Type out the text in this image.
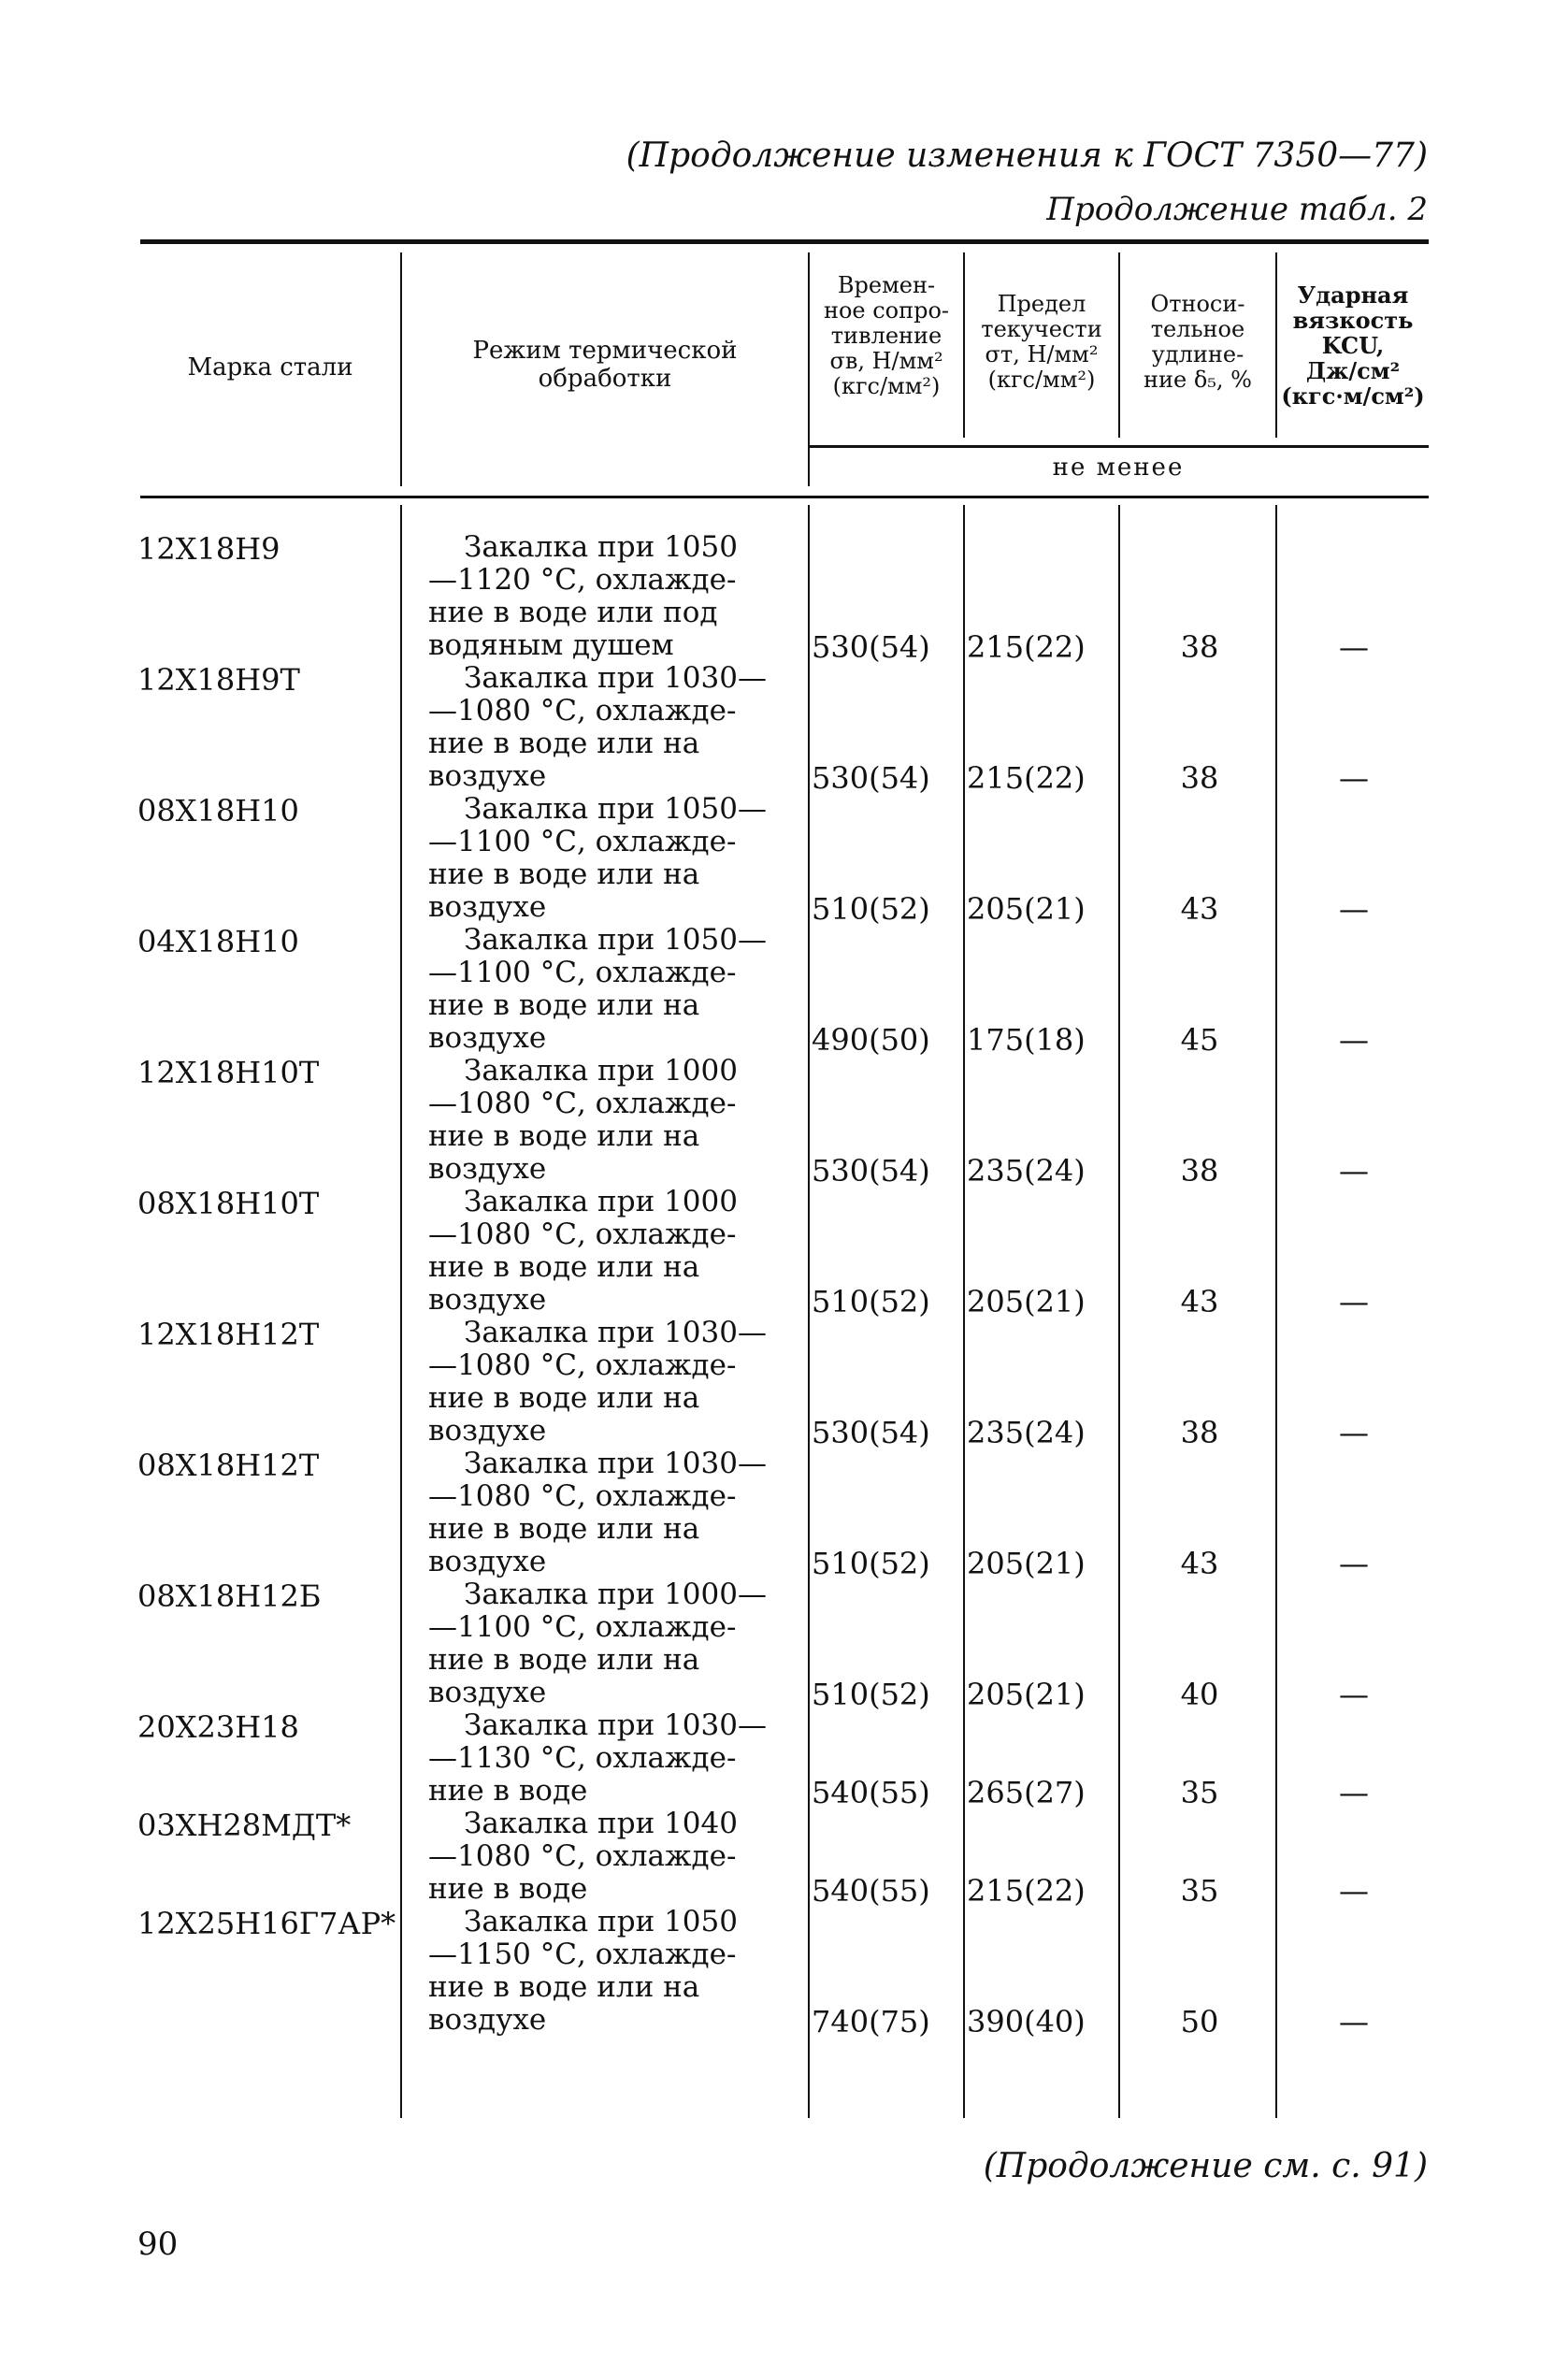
(Продолжение изменения к ГОСТ 7350—77)
Продолжение табл. 2
Марка стали
Режим термической
обработки
Времен-
ное сопро-
тивление
σв, Н/мм²
(кгс/мм²)
Предел
текучести
σт, Н/мм²
(кгс/мм²)
Относи-
тельное
удлине-
ние δ₅, %
Ударная
вязкость
KCU,
Дж/см²
(кгс·м/см²)
не менее
12Х18Н9	Закалка при 1050
—1120 °С, охлажде-
ние в воде или под
водяным душем	530(54) 215(22)	38	—
12Х18Н9Т	Закалка при 1030—
—1080 °С, охлажде-
ние в воде или на
воздухе	530(54) 215(22)	38	—
08Х18Н10	Закалка при 1050—
—1100 °С, охлажде-
ние в воде или на
воздухе	510(52) 205(21)	43	—
04Х18Н10	Закалка при 1050—
—1100 °С, охлажде-
ние в воде или на
воздухе	490(50) 175(18)	45	—
12Х18Н10Т	Закалка при 1000
—1080 °С, охлажде-
ние в воде или на
воздухе	530(54) 235(24)	38	—
08Х18Н10Т	Закалка при 1000
—1080 °С, охлажде-
ние в воде или на
воздухе	510(52) 205(21)	43	—
12Х18Н12Т	Закалка при 1030—
—1080 °С, охлажде-
ние в воде или на
воздухе	530(54) 235(24)	38	—
08Х18Н12Т	Закалка при 1030—
—1080 °С, охлажде-
ние в воде или на
воздухе	510(52) 205(21)	43	—
08Х18Н12Б	Закалка при 1000—
—1100 °С, охлажде-
ние в воде или на
воздухе	510(52) 205(21)	40	—
20Х23Н18	Закалка при 1030—
—1130 °С, охлажде-
ние в воде	540(55) 265(27)	35	—
03ХН28МДТ*	Закалка при 1040
—1080 °С, охлажде-
ние в воде	540(55) 215(22)	35	—
12Х25Н16Г7АР*	Закалка при 1050
—1150 °С, охлажде-
ние в воде или на
воздухе	740(75) 390(40)	50	—
(Продолжение см. с. 91)
90
